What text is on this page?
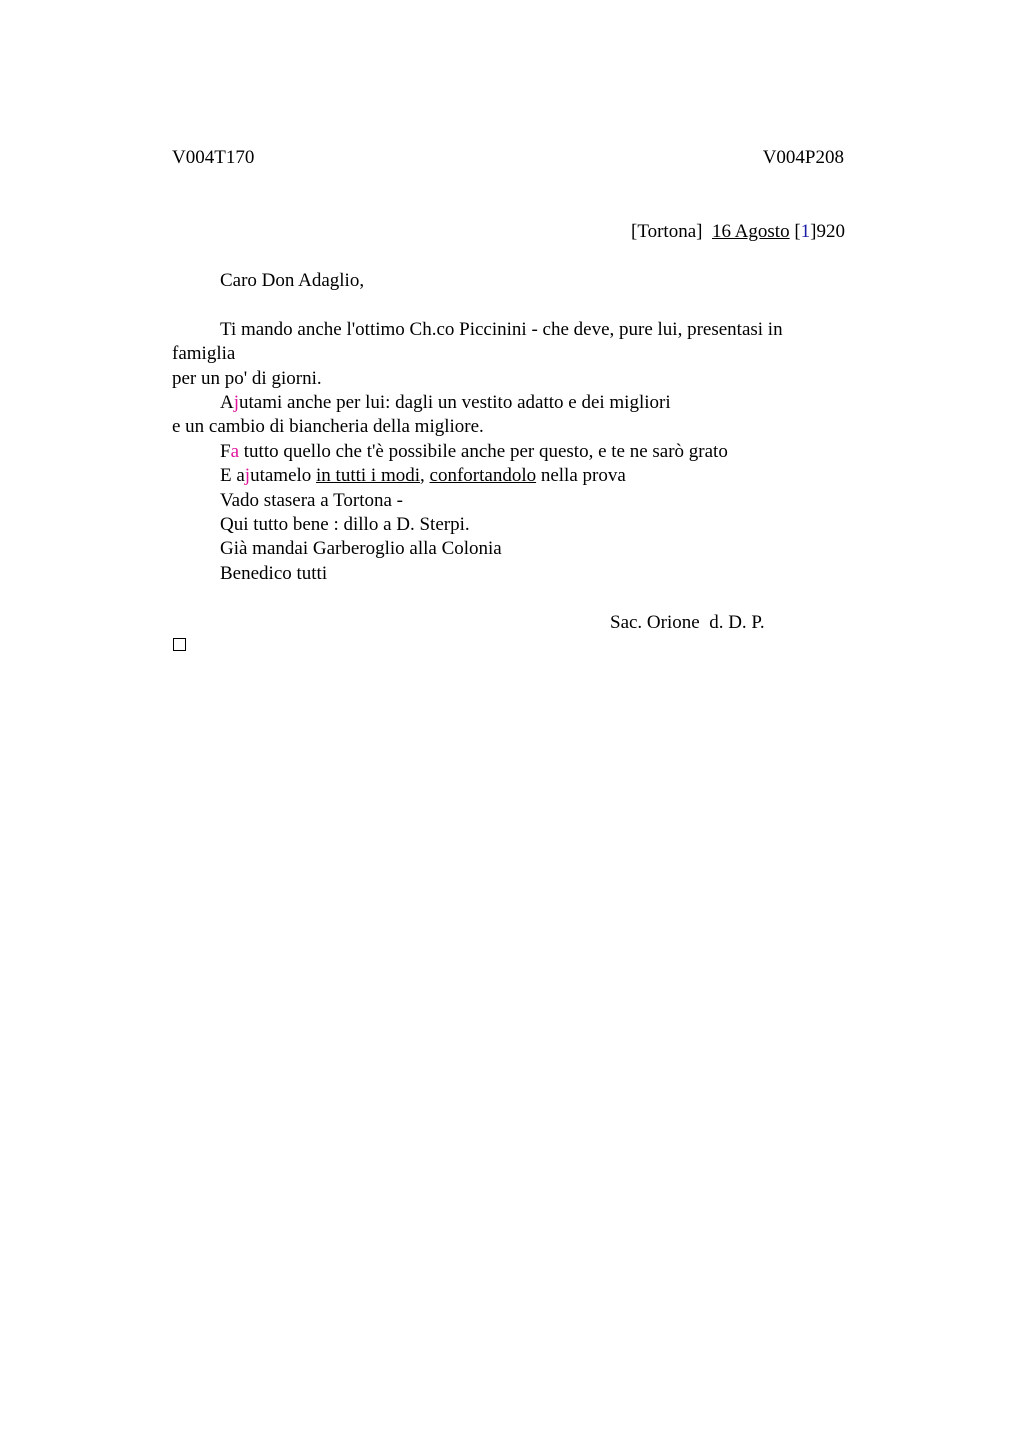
V004T170	V004P208
[Tortona] 16 Agosto [1]920
Caro Don Adaglio,
Ti mando anche l'ottimo Ch.co Piccinini - che deve, pure lui, presentasi in
famiglia
per un po' di giorni.
Ajutami anche per lui: dagli un vestito adatto e dei migliori
e un cambio di biancheria della migliore.
Fa tutto quello che t'è possibile anche per questo, e te ne sarò grato
E ajutamelo in tutti i modi, confortandolo nella prova
Vado stasera a Tortona -
Qui tutto bene : dillo a D. Sterpi.
Già mandai Garberoglio alla Colonia
Benedico tutti
Sac. Orione  d. D. P.
